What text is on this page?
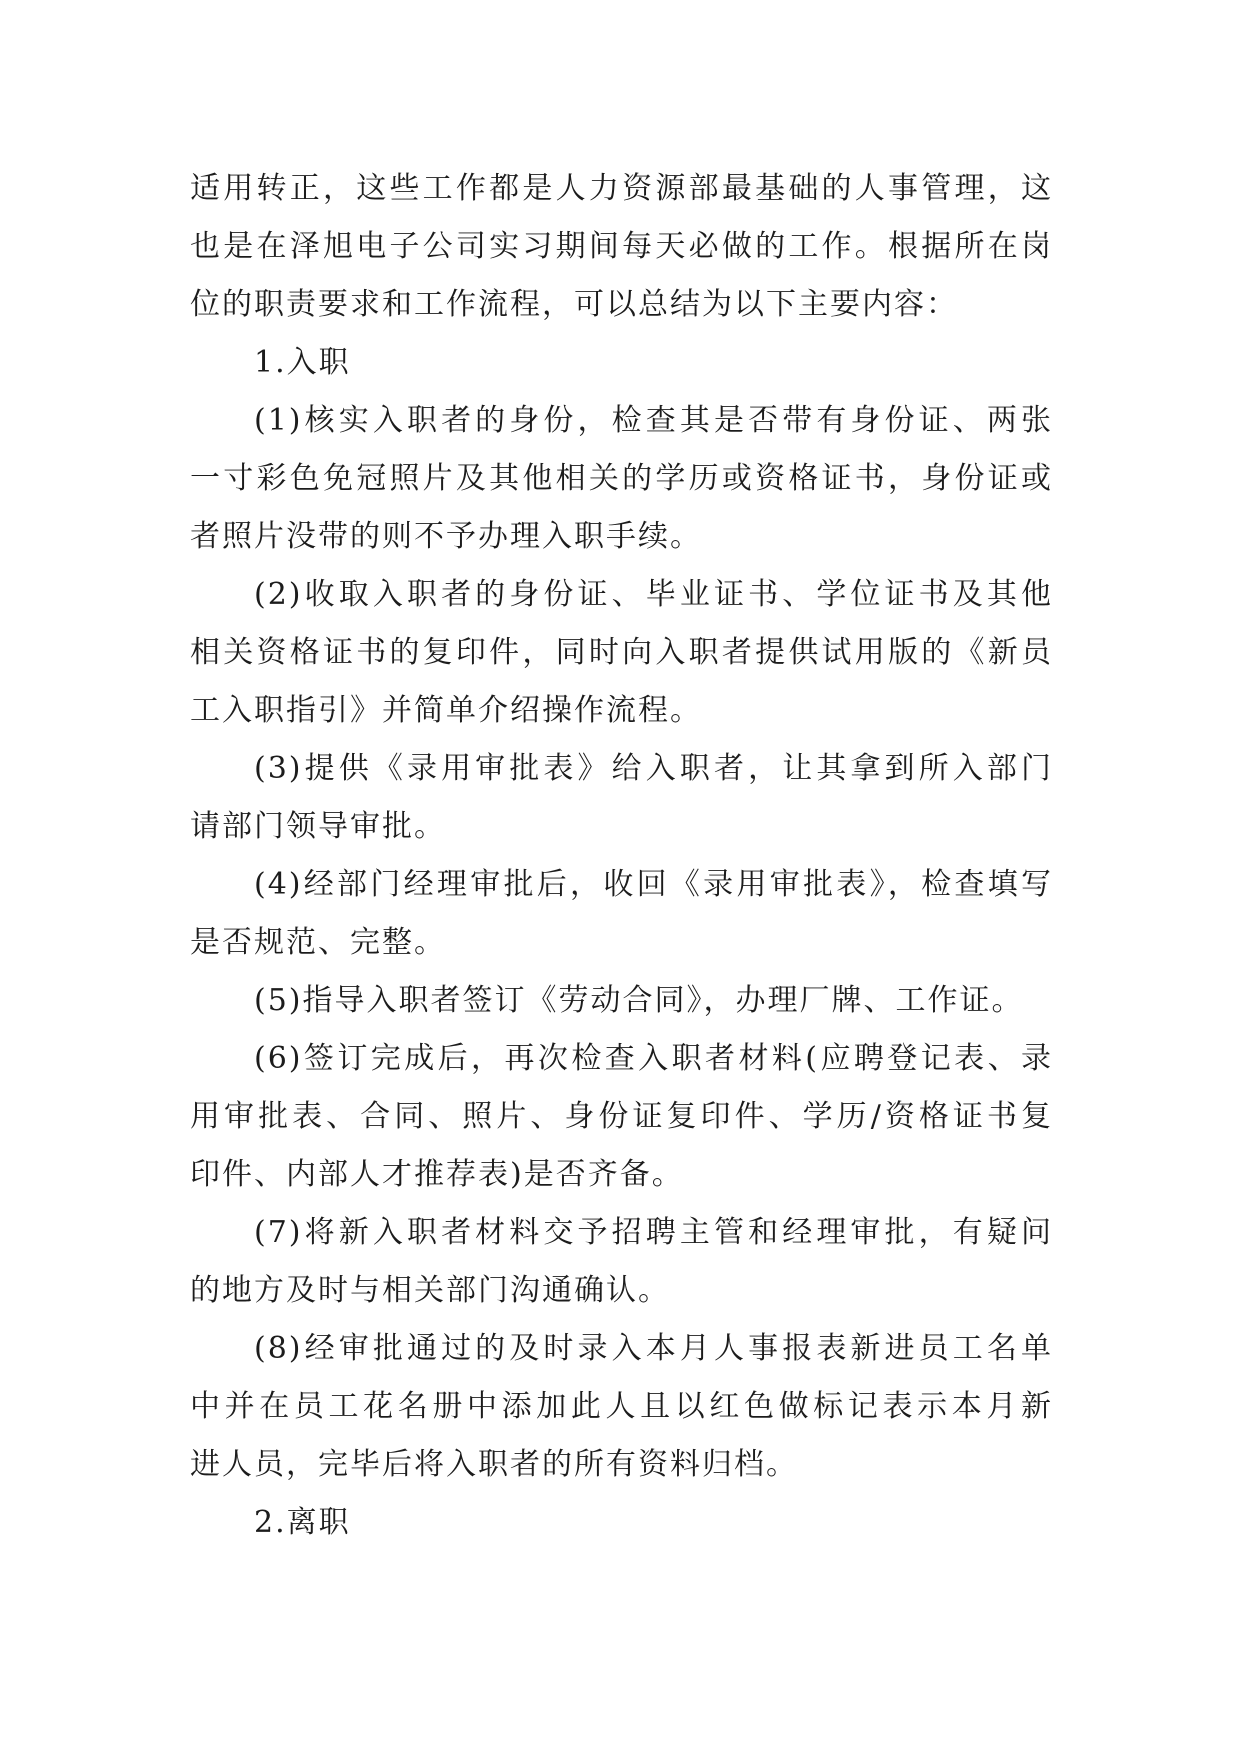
适用转正，这些工作都是人力资源部最基础的人事管理，这
也是在泽旭电子公司实习期间每天必做的工作。根据所在岗
位的职责要求和工作流程，可以总结为以下主要内容：
1.入职
(1)核实入职者的身份，检查其是否带有身份证、两张
一寸彩色免冠照片及其他相关的学历或资格证书，身份证或
者照片没带的则不予办理入职手续。
(2)收取入职者的身份证、毕业证书、学位证书及其他
相关资格证书的复印件，同时向入职者提供试用版的《新员
工入职指引》并简单介绍操作流程。
(3)提供《录用审批表》给入职者，让其拿到所入部门
请部门领导审批。
(4)经部门经理审批后，收回《录用审批表》，检查填写
是否规范、完整。
(5)指导入职者签订《劳动合同》，办理厂牌、工作证。
(6)签订完成后，再次检查入职者材料(应聘登记表、录
用审批表、合同、照片、身份证复印件、学历/资格证书复
印件、内部人才推荐表)是否齐备。
(7)将新入职者材料交予招聘主管和经理审批，有疑问
的地方及时与相关部门沟通确认。
(8)经审批通过的及时录入本月人事报表新进员工名单
中并在员工花名册中添加此人且以红色做标记表示本月新
进人员，完毕后将入职者的所有资料归档。
2.离职
